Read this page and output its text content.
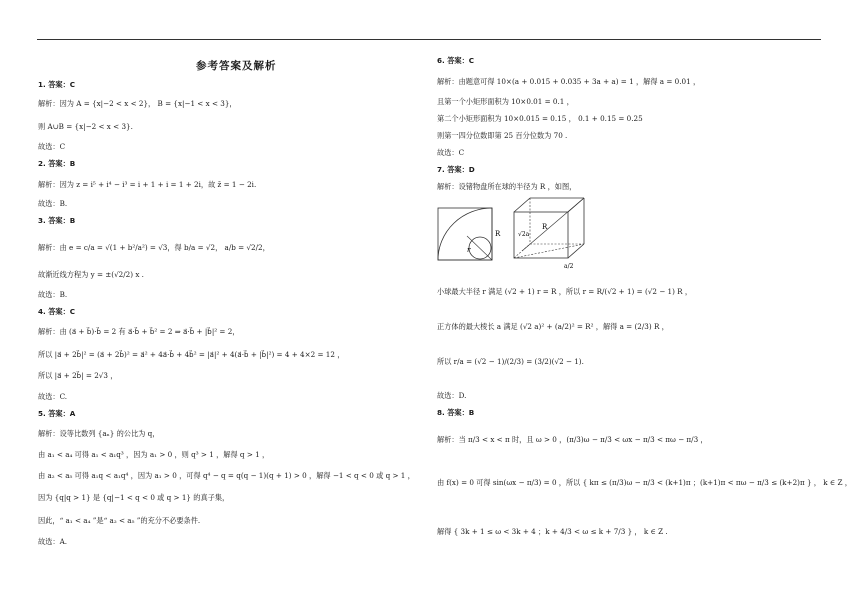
参考答案及解析
1. 答案：C
解析：因为 A = {x|−2 < x < 2}， B = {x|−1 < x < 3}，
则 A∪B = {x|−2 < x < 3}.
故选：C
2. 答案：B
解析：因为 z = i⁵ + i⁴ − i³ = i + 1 + i = 1 + 2i，故 z̄ = 1 − 2i.
故选：B.
3. 答案：B
解析：由 e = c/a = √(1 + b²/a²) = √3，得 b/a = √2， a/b = √2/2，
故渐近线方程为 y = ±(√2/2) x .
故选：B.
4. 答案：C
解析：由 (a⃗ + b⃗)·b⃗ = 2 有 a⃗·b⃗ + b⃗² = 2 ⇒ a⃗·b⃗ + |b⃗|² = 2，
所以 |a⃗ + 2b⃗|² = (a⃗ + 2b⃗)² = a⃗² + 4a⃗·b⃗ + 4b⃗² = |a⃗|² + 4(a⃗·b⃗ + |b⃗|²) = 4 + 4×2 = 12 ，
所以 |a⃗ + 2b⃗| = 2√3 ，
故选：C.
5. 答案：A
解析：设等比数列 {aₙ} 的公比为 q，
由 a₁ < a₄ 可得 a₁ < a₁q³ ，因为 a₁ > 0 ，则 q³ > 1 ，解得 q > 1 ，
由 a₂ < a₅ 可得 a₁q < a₁q⁴ ，因为 a₁ > 0 ，可得 q⁴ − q = q(q − 1)(q + 1) > 0 ，解得 −1 < q < 0 或 q > 1 ，
因为 {q|q > 1} 是 {q|−1 < q < 0 或 q > 1} 的真子集，
因此，“ a₁ < a₄ ”是“ a₂ < a₅ ”的充分不必要条件.
故选：A.
6. 答案：C
解析：由题意可得 10×(a + 0.015 + 0.035 + 3a + a) = 1 ，解得 a = 0.01 ，
且第一个小矩形面积为 10×0.01 = 0.1 ，
第二个小矩形面积为 10×0.015 = 0.15 ， 0.1 + 0.15 = 0.25
则第一四分位数即第 25 百分位数为 70 .
故选：C
7. 答案：D
解析：设锗物盘所在球的半径为 R ，如图，
小球最大半径 r 满足 (√2 + 1) r = R ，所以 r = R/(√2 + 1) = (√2 − 1) R ，
正方体的最大棱长 a 满足 (√2 a)² + (a/2)² = R² ，解得 a = (2/3) R ，
所以 r/a = (√2 − 1)/(2/3) = (3/2)(√2 − 1).
故选：D.
8. 答案：B
解析：当 π/3 < x < π 时，且 ω > 0 ，(π/3)ω − π/3 < ωx − π/3 < πω − π/3 ，
由 f(x) = 0 可得 sin(ωx − π/3) = 0 ，所以 { kπ ≤ (π/3)ω − π/3 < (k+1)π ；(k+1)π < πω − π/3 ≤ (k+2)π } ， k ∈ Z ，
解得 { 3k + 1 ≤ ω < 3k + 4 ；k + 4/3 < ω ≤ k + 7/3 } ， k ∈ Z .
r
R
R
√2a
a/2
